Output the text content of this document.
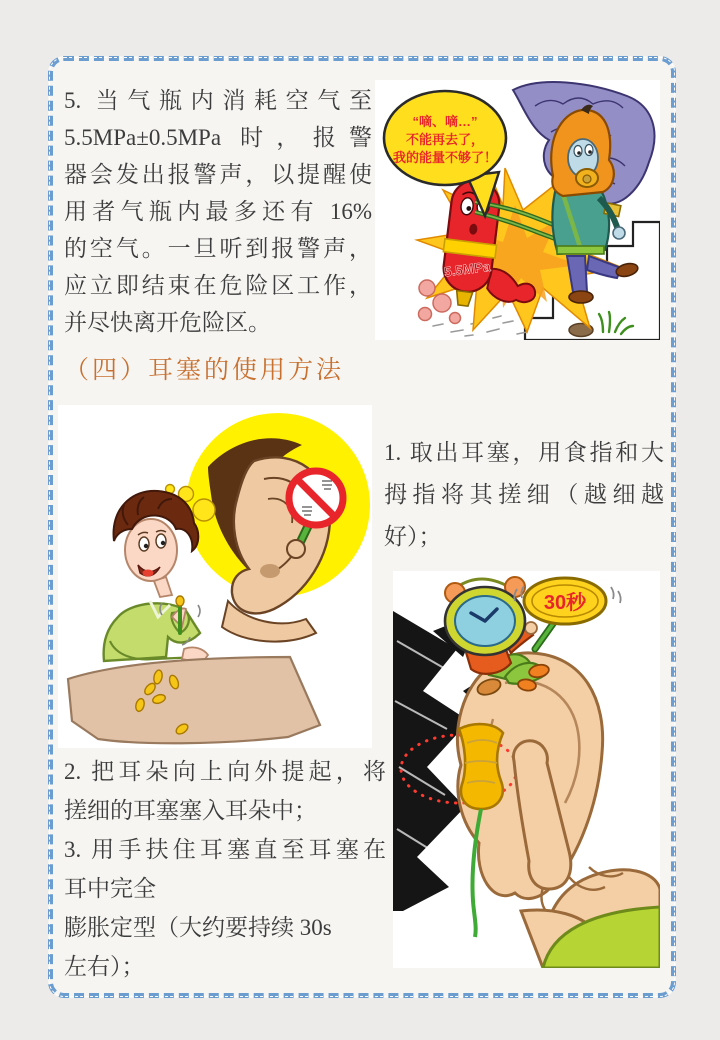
5. 当气瓶内消耗空气至
5.5MPa±0.5MPa 时，报警
器会发出报警声，以提醒使
用者气瓶内最多还有 16%
的空气。一旦听到报警声，
应立即结束在危险区工作，
并尽快离开危险区。
5.5MPa
“嘀、嘀…”
不能再去了，
我的能量不够了！
（四）耳塞的使用方法
1. 取出耳塞，用食指和大
拇指将其搓细（越细越
好）；
30秒
2. 把耳朵向上向外提起，将
搓细的耳塞塞入耳朵中；
3. 用手扶住耳塞直至耳塞在
耳中完全
膨胀定型（大约要持续 30s
左右）；
